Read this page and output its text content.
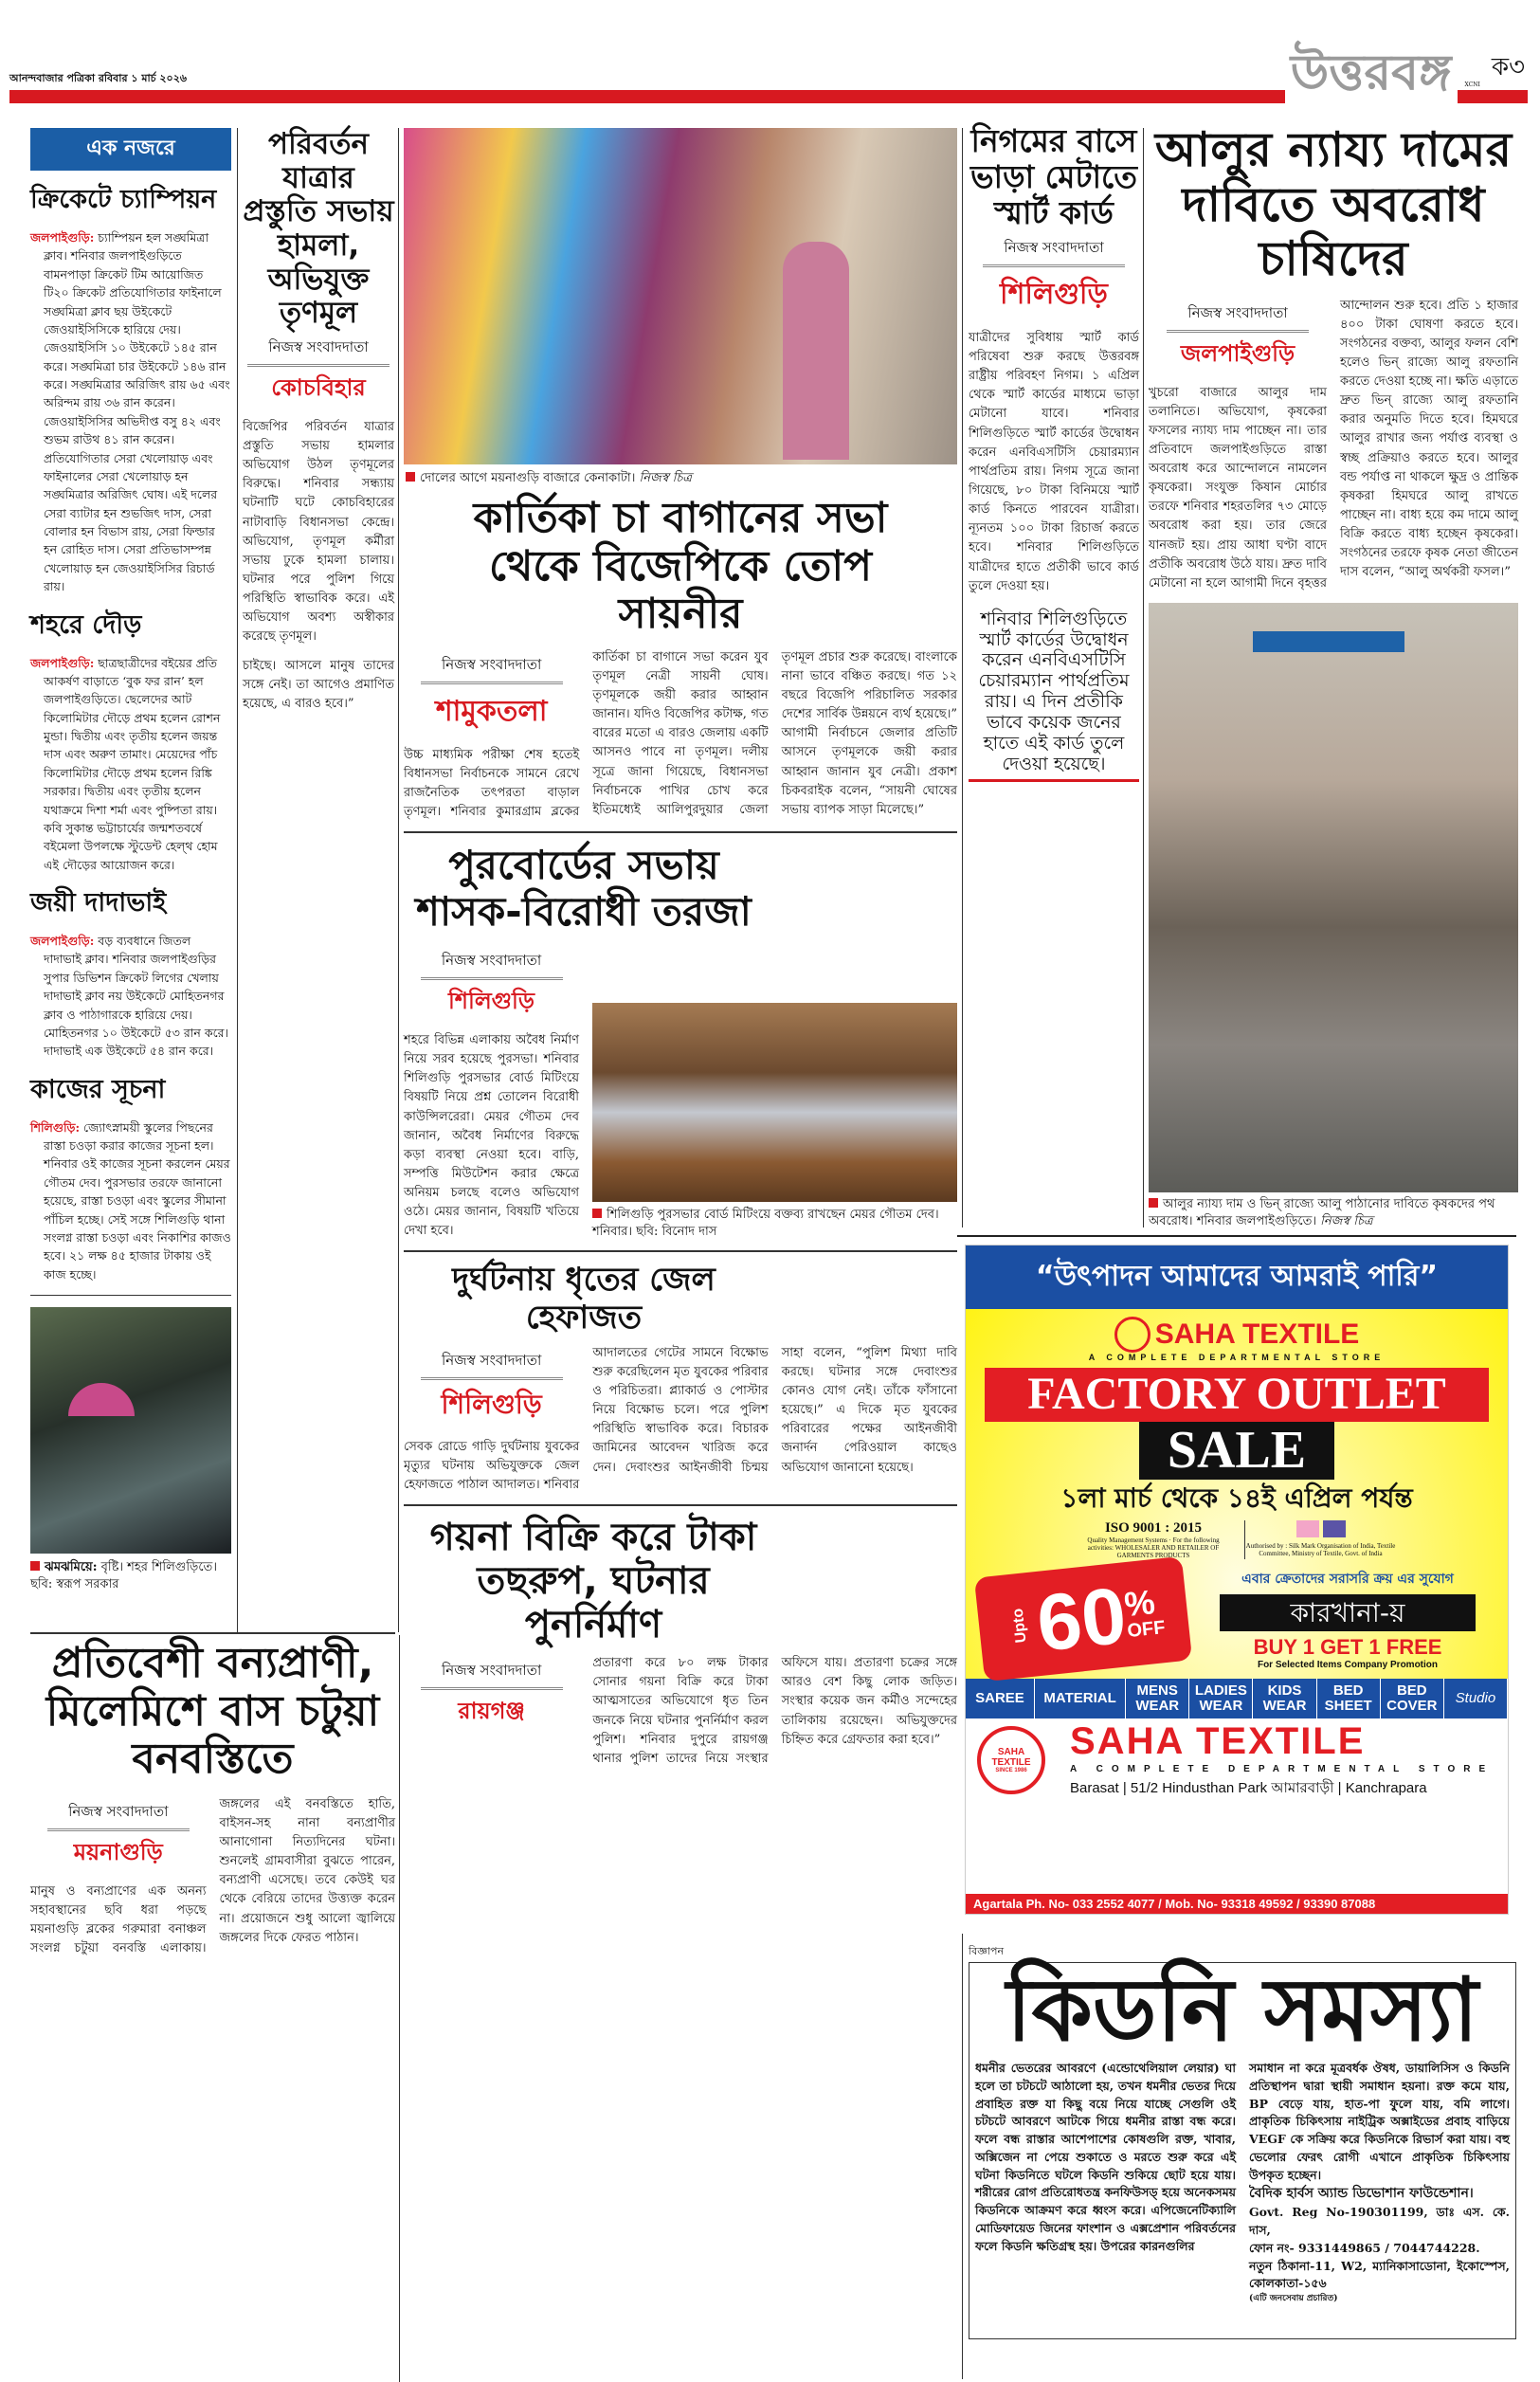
আনন্দবাজার পত্রিকা রবিবার ১ মার্চ ২০২৬	উত্তরবঙ্গ	XCNI
ক৩
এক নজরে
ক্রিকেটে চ্যাম্পিয়ন

জলপাইগুড়ি: চ্যাম্পিয়ন হল সঙ্ঘমিত্রা ক্লাব। শনিবার জলপাইগুড়িতে বামনপাড়া ক্রিকেট টিম আয়োজিত টি২০ ক্রিকেট প্রতিযোগিতার ফাইনালে সঙ্ঘমিত্রা ক্লাব ছয় উইকেটে জেওয়াইসিসিকে হারিয়ে দেয়। জেওয়াইসিসি ১০ উইকেটে ১৪৫ রান করে। সঙ্ঘমিত্রা চার উইকেটে ১৪৬ রান করে। সঙ্ঘমিত্রার অরিজিৎ রায় ৬৫ এবং অরিন্দম রায় ৩৬ রান করেন। জেওয়াইসিসির অভিদীপ্ত বসু ৪২ এবং শুভম রাউথ ৪১ রান করেন। প্রতিযোগিতার সেরা খেলোয়াড় এবং ফাইনালের সেরা খেলোয়াড় হন সঙ্ঘমিত্রার অরিজিৎ ঘোষ। এই দলের সেরা ব্যাটার হন শুভজিৎ দাস, সেরা বোলার হন বিভাস রায়, সেরা ফিল্ডার হন রোহিত দাস। সেরা প্রতিভাসম্পন্ন খেলোয়াড় হন জেওয়াইসিসির রিচার্ড রায়।

শহরে দৌড়

জলপাইগুড়ি: ছাত্রছাত্রীদের বইয়ের প্রতি আকর্ষণ বাড়াতে ‘বুক ফর রান’ হল জলপাইগুড়িতে। ছেলেদের আট কিলোমিটার দৌড়ে প্রথম হলেন রোশন মুন্ডা। দ্বিতীয় এবং তৃতীয় হলেন জয়ন্ত দাস এবং অরুণ তামাং। মেয়েদের পাঁচ কিলোমিটার দৌড়ে প্রথম হলেন রিঙ্কি সরকার। দ্বিতীয় এবং তৃতীয় হলেন যথাক্রমে দিশা শর্মা এবং পুষ্পিতা রায়। কবি সুকান্ত ভট্টাচার্যের জন্মশতবর্ষে বইমেলা উপলক্ষে স্টুডেন্ট হেল্থ হোম এই দৌড়ের আয়োজন করে।

জয়ী দাদাভাই

জলপাইগুড়ি: বড় ব্যবধানে জিতল দাদাভাই ক্লাব। শনিবার জলপাইগুড়ির সুপার ডিভিশন ক্রিকেট লিগের খেলায় দাদাভাই ক্লাব নয় উইকেটে মোহিতনগর ক্লাব ও পাঠাগারকে হারিয়ে দেয়। মোহিতনগর ১০ উইকেটে ৫৩ রান করে। দাদাভাই এক উইকেটে ৫৪ রান করে।

কাজের সূচনা

শিলিগুড়ি: জ্যোৎস্নাময়ী স্কুলের পিছনের রাস্তা চওড়া করার কাজের সূচনা হল। শনিবার ওই কাজের সূচনা করলেন মেয়র গৌতম দেব। পুরসভার তরফে জানানো হয়েছে, রাস্তা চওড়া এবং স্কুলের সীমানা পাঁচিল হচ্ছে। সেই সঙ্গে শিলিগুড়ি থানা সংলগ্ন রাস্তা চওড়া এবং নিকাশির কাজও হবে। ২১ লক্ষ ৪৫ হাজার টাকায় ওই কাজ হচ্ছে।

ঝমঝমিয়ে: বৃষ্টি। শহর শিলিগুড়িতে। ছবি: স্বরূপ সরকার
পরিবর্তন যাত্রার প্রস্তুতি সভায় হামলা, অভিযুক্ত তৃণমূল
নিজস্ব সংবাদদাতা
কোচবিহার
বিজেপির পরিবর্তন যাত্রার প্রস্তুতি সভায় হামলার অভিযোগ উঠল তৃণমূলের বিরুদ্ধে। শনিবার সন্ধ্যায় ঘটনাটি ঘটে কোচবিহারের নাটাবাড়ি বিধানসভা কেন্দ্রে। অভিযোগ, তৃণমূল কর্মীরা সভায় ঢুকে হামলা চালায়। ঘটনার পরে পুলিশ গিয়ে পরিস্থিতি স্বাভাবিক করে। এই অভিযোগ অবশ্য অস্বীকার করেছে তৃণমূল।
চাইছে। আসলে মানুষ তাদের সঙ্গে নেই। তা আগেও প্রমাণিত হয়েছে, এ বারও হবে।”
দোলের আগে ময়নাগুড়ি বাজারে কেনাকাটা। নিজস্ব চিত্র
কার্তিকা চা বাগানের সভা থেকে বিজেপিকে তোপ সায়নীর
নিজস্ব সংবাদদাতা
শামুকতলা
উচ্চ মাধ্যমিক পরীক্ষা শেষ হতেই বিধানসভা নির্বাচনকে সামনে রেখে রাজনৈতিক তৎপরতা বাড়াল তৃণমূল। শনিবার কুমারগ্রাম ব্লকের কার্তিকা চা বাগানে সভা করেন যুব তৃণমূল নেত্রী সায়নী ঘোষ। তৃণমূলকে জয়ী করার আহ্বান জানান। যদিও বিজেপির কটাক্ষ, গত বারের মতো এ বারও জেলায় একটি আসনও পাবে না তৃণমূল। দলীয় সূত্রে জানা গিয়েছে, বিধানসভা নির্বাচনকে পাখির চোখ করে ইতিমধ্যেই আলিপুরদুয়ার জেলা তৃণমূল প্রচার শুরু করেছে। বাংলাকে নানা ভাবে বঞ্চিত করছে। গত ১২ বছরে বিজেপি পরিচালিত সরকার দেশের সার্বিক উন্নয়নে ব্যর্থ হয়েছে।” আগামী নির্বাচনে জেলার প্রতিটি আসনে তৃণমূলকে জয়ী করার আহ্বান জানান যুব নেত্রী। প্রকাশ চিকবরাইক বলেন, “সায়নী ঘোষের সভায় ব্যাপক সাড়া মিলেছে।”
পুরবোর্ডের সভায় শাসক-বিরোধী তরজা
নিজস্ব সংবাদদাতা
শিলিগুড়ি
শহরে বিভিন্ন এলাকায় অবৈধ নির্মাণ নিয়ে সরব হয়েছে পুরসভা। শনিবার শিলিগুড়ি পুরসভার বোর্ড মিটিংয়ে বিষয়টি নিয়ে প্রশ্ন তোলেন বিরোধী কাউন্সিলরেরা। মেয়র গৌতম দেব জানান, অবৈধ নির্মাণের বিরুদ্ধে কড়া ব্যবস্থা নেওয়া হবে। বাড়ি, সম্পত্তি মিউটেশন করার ক্ষেত্রে অনিয়ম চলছে বলেও অভিযোগ ওঠে। মেয়র জানান, বিষয়টি খতিয়ে দেখা হবে।
শিলিগুড়ি পুরসভার বোর্ড মিটিংয়ে বক্তব্য রাখছেন মেয়র গৌতম দেব। শনিবার। ছবি: বিনোদ দাস
দুর্ঘটনায় ধৃতের জেল হেফাজত
নিজস্ব সংবাদদাতা
শিলিগুড়ি
সেবক রোডে গাড়ি দুর্ঘটনায় যুবকের মৃত্যুর ঘটনায় অভিযুক্তকে জেল হেফাজতে পাঠাল আদালত। শনিবার আদালতের গেটের সামনে বিক্ষোভ শুরু করেছিলেন মৃত যুবকের পরিবার ও পরিচিতরা। প্ল্যাকার্ড ও পোস্টার নিয়ে বিক্ষোভ চলে। পরে পুলিশ পরিস্থিতি স্বাভাবিক করে। বিচারক জামিনের আবেদন খারিজ করে দেন। দেবাংশুর আইনজীবী চিন্ময় সাহা বলেন, “পুলিশ মিথ্যা দাবি করছে। ঘটনার সঙ্গে দেবাংশুর কোনও যোগ নেই। তাঁকে ফাঁসানো হয়েছে।” এ দিকে মৃত যুবকের পরিবারের পক্ষের আইনজীবী জনার্দন পেরিওয়াল কাছেও অভিযোগ জানানো হয়েছে।
গয়না বিক্রি করে টাকা তছরুপ, ঘটনার পুনর্নির্মাণ
নিজস্ব সংবাদদাতা
রায়গঞ্জ
প্রতারণা করে ৮০ লক্ষ টাকার সোনার গয়না বিক্রি করে টাকা আত্মসাতের অভিযোগে ধৃত তিন জনকে নিয়ে ঘটনার পুনর্নির্মাণ করল পুলিশ। শনিবার দুপুরে রায়গঞ্জ থানার পুলিশ তাদের নিয়ে সংস্থার অফিসে যায়। প্রতারণা চক্রের সঙ্গে আরও বেশ কিছু লোক জড়িত। সংস্থার কয়েক জন কর্মীও সন্দেহের তালিকায় রয়েছেন। অভিযুক্তদের চিহ্নিত করে গ্রেফতার করা হবে।”
নিগমের বাসে ভাড়া মেটাতে স্মার্ট কার্ড
নিজস্ব সংবাদদাতা
শিলিগুড়ি
যাত্রীদের সুবিধায় স্মার্ট কার্ড পরিষেবা শুরু করছে উত্তরবঙ্গ রাষ্ট্রীয় পরিবহণ নিগম। ১ এপ্রিল থেকে স্মার্ট কার্ডের মাধ্যমে ভাড়া মেটানো যাবে। শনিবার শিলিগুড়িতে স্মার্ট কার্ডের উদ্বোধন করেন এনবিএসটিসি চেয়ারম্যান পার্থপ্রতিম রায়। নিগম সূত্রে জানা গিয়েছে, ৮০ টাকা বিনিময়ে স্মার্ট কার্ড কিনতে পারবেন যাত্রীরা। ন্যূনতম ১০০ টাকা রিচার্জ করতে হবে। শনিবার শিলিগুড়িতে যাত্রীদের হাতে প্রতীকী ভাবে কার্ড তুলে দেওয়া হয়।
শনিবার শিলিগুড়িতে স্মার্ট কার্ডের উদ্বোধন করেন এনবিএসটিসি চেয়ারম্যান পার্থপ্রতিম রায়। এ দিন প্রতীকি ভাবে কয়েক জনের হাতে এই কার্ড তুলে দেওয়া হয়েছে।
আলুর ন্যায্য দামের দাবিতে অবরোধ চাষিদের
নিজস্ব সংবাদদাতা
জলপাইগুড়ি
খুচরো বাজারে আলুর দাম তলানিতে। অভিযোগ, কৃষকেরা ফসলের ন্যায্য দাম পাচ্ছেন না। তার প্রতিবাদে জলপাইগুড়িতে রাস্তা অবরোধ করে আন্দোলনে নামলেন কৃষকেরা। সংযুক্ত কিষান মোর্চার তরফে শনিবার শহরতলির ৭৩ মোড়ে অবরোধ করা হয়। তার জেরে যানজট হয়। প্রায় আধা ঘণ্টা বাদে প্রতীকি অবরোধ উঠে যায়। দ্রুত দাবি মেটানো না হলে আগামী দিনে বৃহত্তর আন্দোলন শুরু হবে। প্রতি ১ হাজার ৪০০ টাকা ঘোষণা করতে হবে। সংগঠনের বক্তব্য, আলুর ফলন বেশি হলেও ভিন্ রাজ্যে আলু রফতানি করতে দেওয়া হচ্ছে না। ক্ষতি এড়াতে দ্রুত ভিন্ রাজ্যে আলু রফতানি করার অনুমতি দিতে হবে। হিমঘরে আলুর রাখার জন্য পর্যাপ্ত ব্যবস্থা ও স্বচ্ছ প্রক্রিয়াও করতে হবে। আলুর বন্ড পর্যাপ্ত না থাকলে ক্ষুদ্র ও প্রান্তিক কৃষকরা হিমঘরে আলু রাখতে পাচ্ছেন না। বাধ্য হয়ে কম দামে আলু বিক্রি করতে বাধ্য হচ্ছেন কৃষকেরা। সংগঠনের তরফে কৃষক নেতা জীতেন দাস বলেন, “আলু অর্থকরী ফসল।”
আলুর ন্যায্য দাম ও ভিন্ রাজ্যে আলু পাঠানোর দাবিতে কৃষকদের পথ অবরোধ। শনিবার জলপাইগুড়িতে। নিজস্ব চিত্র
“উৎপাদন আমাদের আমরাই পারি”
SAHA TEXTILE
A COMPLETE DEPARTMENTAL STORE
FACTORY OUTLET
SALE
১লা মার্চ থেকে ১৪ই এপ্রিল পর্যন্ত
ISO 9001 : 2015
Quality Management Systems · For the following activities: WHOLESALER AND RETAILER OF GARMENTS PRODUCTS
Authorised by : Silk Mark Organisation of India, Textile Committee, Ministry of Textile, Govt. of India
Upto 60
%
OFF
এবার ক্রেতাদের সরাসরি ক্রয় এর সুযোগ
কারখানা-য়
BUY 1 GET 1 FREE
For Selected Items Company Promotion
SAREE	MATERIAL	MENS WEAR
LADIES WEAR
KIDS WEAR
BED SHEET
BED COVER	Studio
SAHA TEXTILE
SINCE 1986
SAHA TEXTILE
A COMPLETE DEPARTMENTAL STORE
Barasat | 51/2 Hindusthan Park আমারবাড়ী | Kanchrapara
Agartala Ph. No- 033 2552 4077 / Mob. No- 93318 49592 / 93390 87088
প্রতিবেশী বন্যপ্রাণী, মিলেমিশে বাস চটুয়া বনবস্তিতে
নিজস্ব সংবাদদাতা
ময়নাগুড়ি
মানুষ ও বন্যপ্রাণের এক অনন্য সহাবস্থানের ছবি ধরা পড়ছে ময়নাগুড়ি ব্লকের গরুমারা বনাঞ্চল সংলগ্ন চটুয়া বনবস্তি এলাকায়। জঙ্গলের এই বনবস্তিতে হাতি, বাইসন-সহ নানা বন্যপ্রাণীর আনাগোনা নিত্যদিনের ঘটনা। শুনলেই গ্রামবাসীরা বুঝতে পারেন, বন্যপ্রাণী এসেছে। তবে কেউই ঘর থেকে বেরিয়ে তাদের উত্ত্যক্ত করেন না। প্রয়োজনে শুধু আলো জ্বালিয়ে জঙ্গলের দিকে ফেরত পাঠান।
বিজ্ঞাপন
কিডনি সমস্যা
ধমনীর ভেতরের আবরণে (এন্ডোথেলিয়াল লেয়ার) ঘা হলে তা চটচটে আঠালো হয়, তখন ধমনীর ভেতর দিয়ে প্রবাহিত রক্ত যা কিছু বয়ে নিয়ে যাচ্ছে সেগুলি ওই চটচটে আবরণে আটকে গিয়ে ধমনীর রাস্তা বন্ধ করে। ফলে বন্ধ রাস্তার আশেপাশের কোষগুলি রক্ত, খাবার, অক্সিজেন না পেয়ে শুকাতে ও মরতে শুরু করে এই ঘটনা কিডনিতে ঘটলে কিডনি শুকিয়ে ছোট হয়ে যায়। শরীরের রোগ প্রতিরোধতন্ত্র কনফিউসড্ হয়ে অনেকসময় কিডনিকে আক্রমণ করে ধ্বংস করে। এপিজেনেটিক্যালি মোডিফায়েড জিনের ফাংশান ও এক্সপ্রেশান পরিবর্তনের ফলে কিডনি ক্ষতিগ্রস্থ হয়। উপরের কারনগুলির
সমাধান না করে মূত্রবর্ধক ঔষধ, ডায়ালিসিস ও কিডনি প্রতিস্থাপন দ্বারা স্থায়ী সমাধান হয়না। রক্ত কমে যায়, BP বেড়ে যায়, হাত-পা ফুলে যায়, বমি লাগে। প্রাকৃতিক চিকিৎসায় নাইট্রিক অক্সাইডের প্রবাহ বাড়িয়ে VEGF কে সক্রিয় করে কিডনিকে রিভার্স করা যায়। বহু ভেলোর ফেরৎ রোগী এখানে প্রাকৃতিক চিকিৎসায় উপকৃত হচ্ছেন।
বৈদিক হার্বস অ্যান্ড ডিভোশান ফাউন্ডেশান।
Govt. Reg No-190301199, ডাঃ এস. কে. দাস,
ফোন নং- 9331449865 / 7044744228.
নতুন ঠিকানা-11, W2, ম্যানিকাসাডোনা, ইকোস্পেস, কোলকাতা-১৫৬
(এটি জনসেবায় প্রচারিত)
